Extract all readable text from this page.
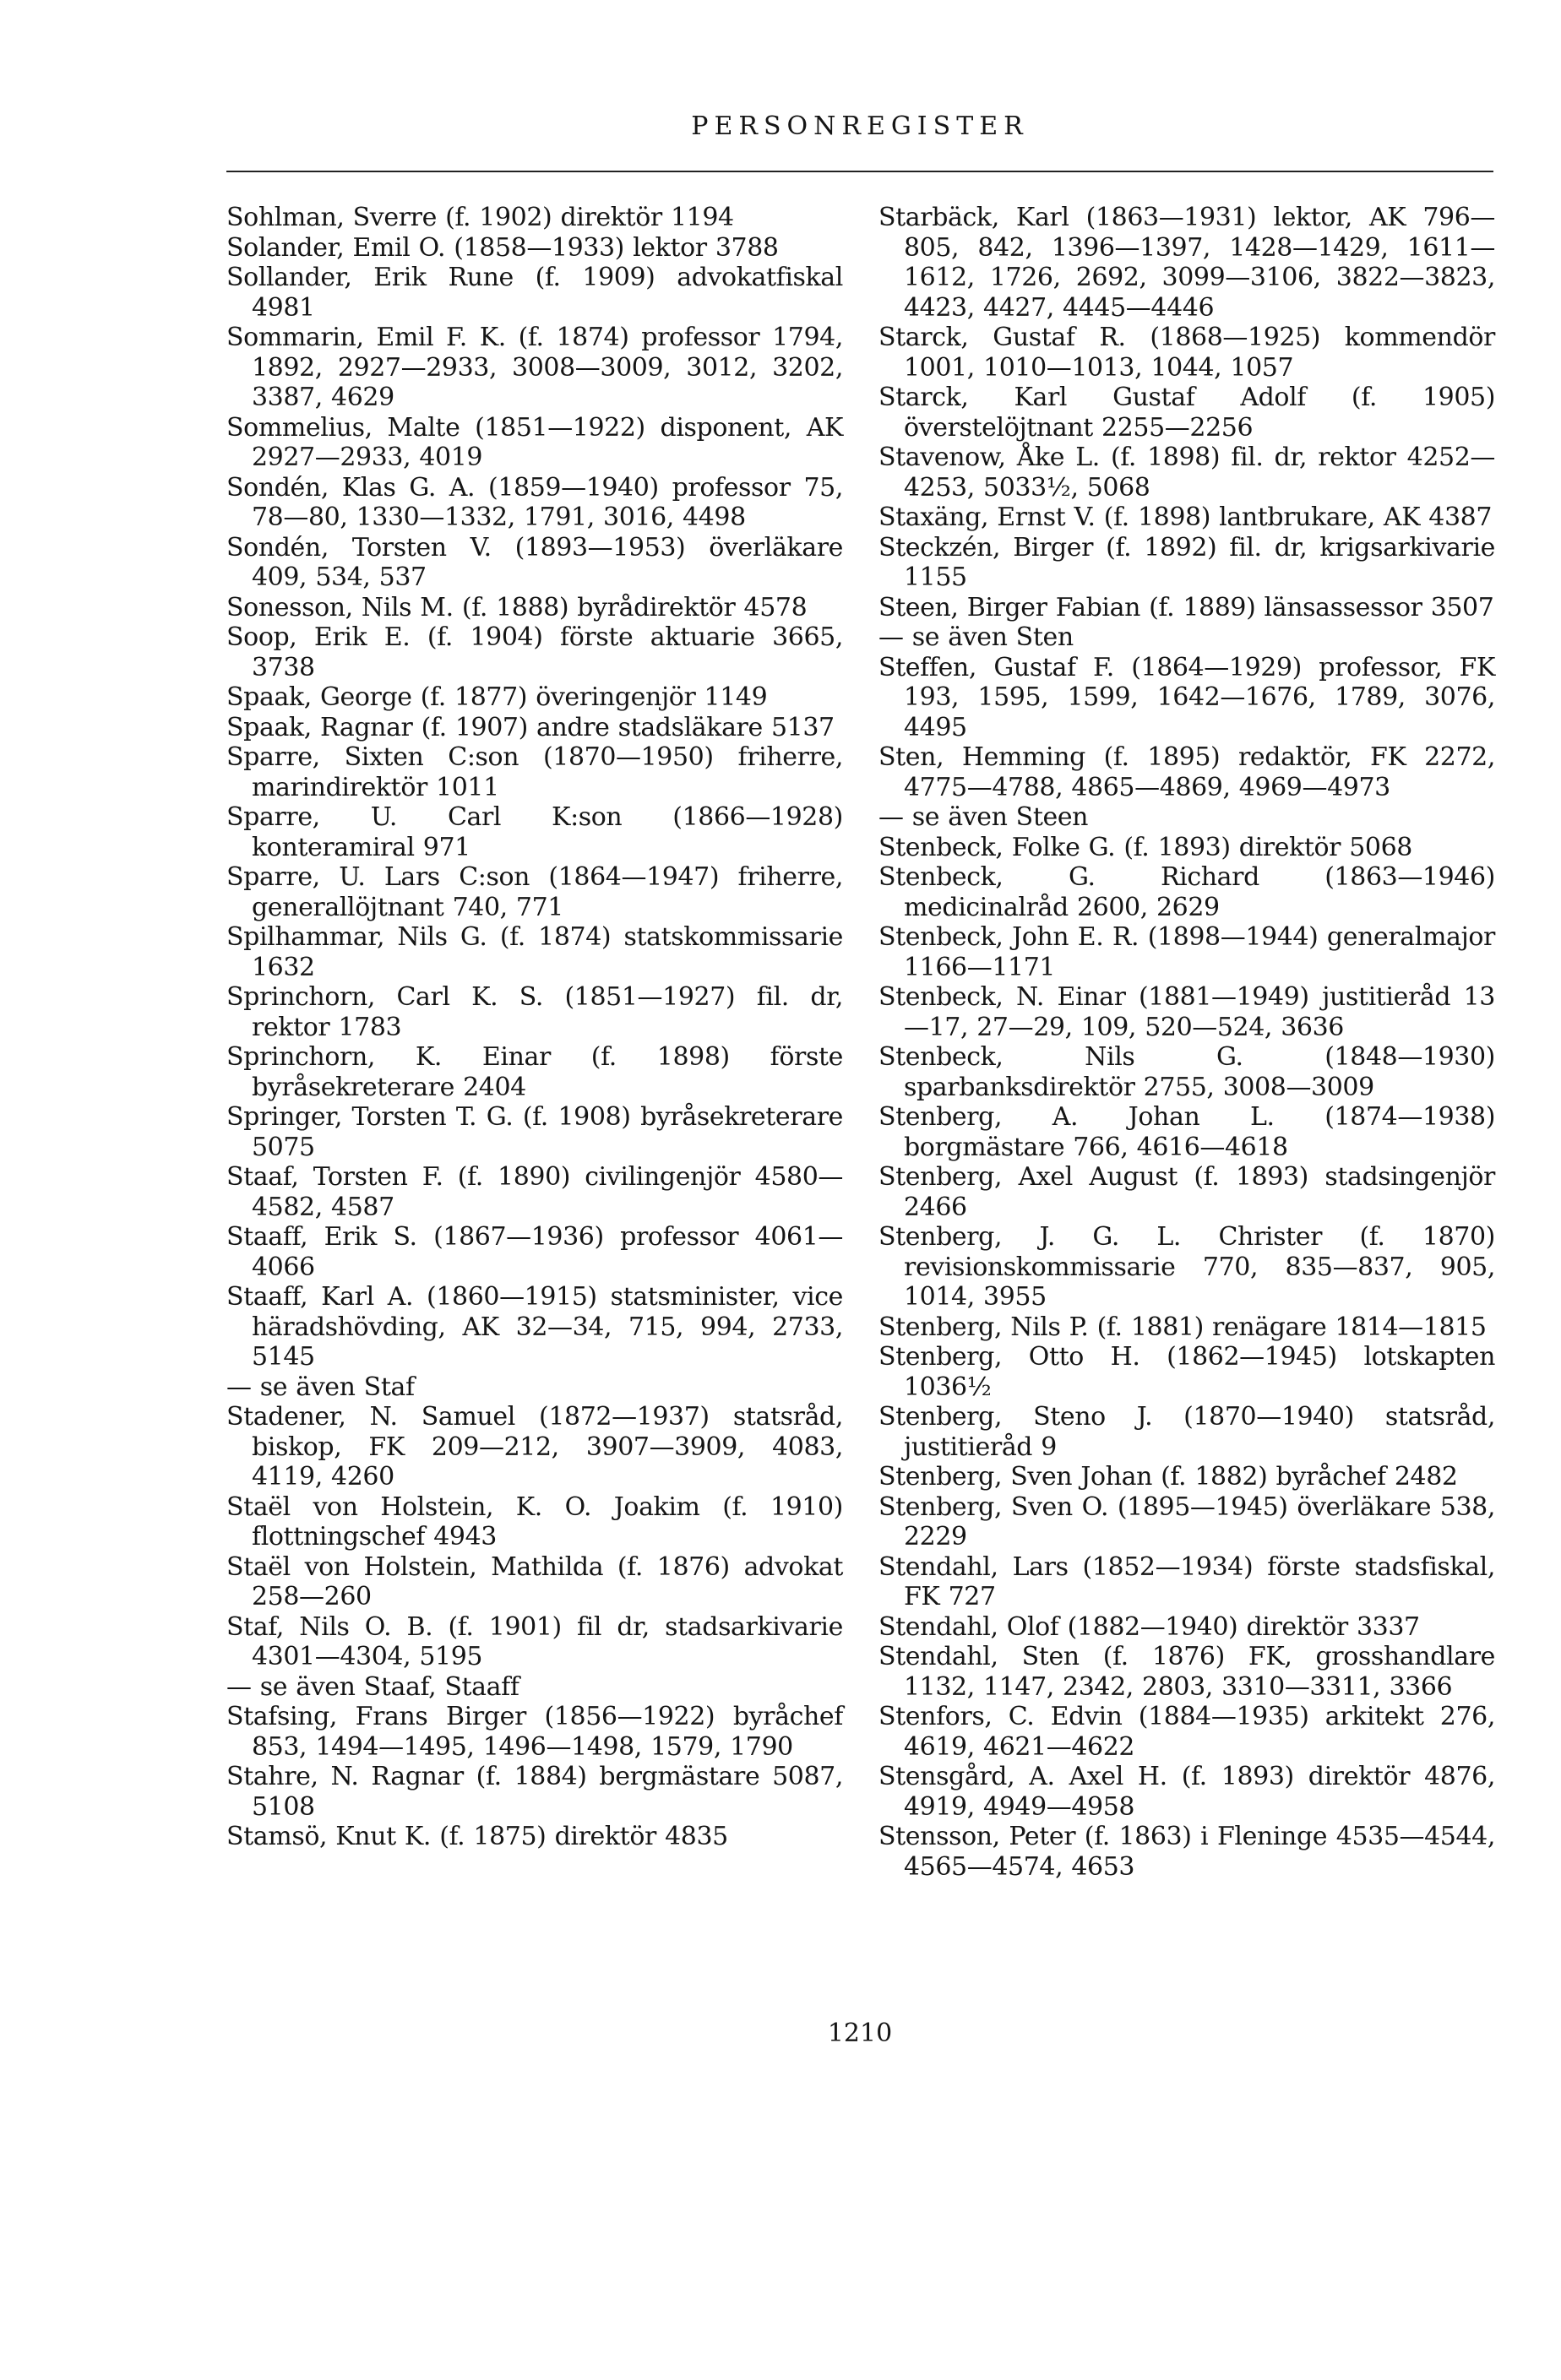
PERSONREGISTER
Sohlman, Sverre (f. 1902) direktör 1194
Solander, Emil O. (1858—1933) lektor 3788
Sollander, Erik Rune (f. 1909) advokatfiskal 4981
Sommarin, Emil F. K. (f. 1874) professor 1794, 1892, 2927—2933, 3008—3009, 3012, 3202, 3387, 4629
Sommelius, Malte (1851—1922) disponent, AK 2927—2933, 4019
Sondén, Klas G. A. (1859—1940) professor 75, 78—80, 1330—1332, 1791, 3016, 4498
Sondén, Torsten V. (1893—1953) överläkare 409, 534, 537
Sonesson, Nils M. (f. 1888) byrådirektör 4578
Soop, Erik E. (f. 1904) förste aktuarie 3665, 3738
Spaak, George (f. 1877) överingenjör 1149
Spaak, Ragnar (f. 1907) andre stadsläkare 5137
Sparre, Sixten C:son (1870—1950) friherre, marindirektör 1011
Sparre, U. Carl K:son (1866—1928) konteramiral 971
Sparre, U. Lars C:son (1864—1947) friherre, generallöjtnant 740, 771
Spilhammar, Nils G. (f. 1874) statskommissarie 1632
Sprinchorn, Carl K. S. (1851—1927) fil. dr, rektor 1783
Sprinchorn, K. Einar (f. 1898) förste byråsekreterare 2404
Springer, Torsten T. G. (f. 1908) byråsekreterare 5075
Staaf, Torsten F. (f. 1890) civilingenjör 4580—4582, 4587
Staaff, Erik S. (1867—1936) professor 4061—4066
Staaff, Karl A. (1860—1915) statsminister, vice häradshövding, AK 32—34, 715, 994, 2733, 5145
— se även Staf
Stadener, N. Samuel (1872—1937) statsråd, biskop, FK 209—212, 3907—3909, 4083, 4119, 4260
Staël von Holstein, K. O. Joakim (f. 1910) flottningschef 4943
Staël von Holstein, Mathilda (f. 1876) advokat 258—260
Staf, Nils O. B. (f. 1901) fil dr, stadsarkivarie 4301—4304, 5195
— se även Staaf, Staaff
Stafsing, Frans Birger (1856—1922) byråchef 853, 1494—1495, 1496—1498, 1579, 1790
Stahre, N. Ragnar (f. 1884) bergmästare 5087, 5108
Stamsö, Knut K. (f. 1875) direktör 4835
Starbäck, Karl (1863—1931) lektor, AK 796—805, 842, 1396—1397, 1428—1429, 1611—1612, 1726, 2692, 3099—3106, 3822—3823, 4423, 4427, 4445—4446
Starck, Gustaf R. (1868—1925) kommendör 1001, 1010—1013, 1044, 1057
Starck, Karl Gustaf Adolf (f. 1905) överstelöjtnant 2255—2256
Stavenow, Åke L. (f. 1898) fil. dr, rektor 4252—4253, 5033½, 5068
Staxäng, Ernst V. (f. 1898) lantbrukare, AK 4387
Steckzén, Birger (f. 1892) fil. dr, krigsarkivarie 1155
Steen, Birger Fabian (f. 1889) länsassessor 3507
— se även Sten
Steffen, Gustaf F. (1864—1929) professor, FK 193, 1595, 1599, 1642—1676, 1789, 3076, 4495
Sten, Hemming (f. 1895) redaktör, FK 2272, 4775—4788, 4865—4869, 4969—4973
— se även Steen
Stenbeck, Folke G. (f. 1893) direktör 5068
Stenbeck, G. Richard (1863—1946) medicinalråd 2600, 2629
Stenbeck, John E. R. (1898—1944) generalmajor 1166—1171
Stenbeck, N. Einar (1881—1949) justitieråd 13—17, 27—29, 109, 520—524, 3636
Stenbeck, Nils G. (1848—1930) sparbanksdirektör 2755, 3008—3009
Stenberg, A. Johan L. (1874—1938) borgmästare 766, 4616—4618
Stenberg, Axel August (f. 1893) stadsingenjör 2466
Stenberg, J. G. L. Christer (f. 1870) revisionskommissarie 770, 835—837, 905, 1014, 3955
Stenberg, Nils P. (f. 1881) renägare 1814—1815
Stenberg, Otto H. (1862—1945) lotskapten 1036½
Stenberg, Steno J. (1870—1940) statsråd, justitieråd 9
Stenberg, Sven Johan (f. 1882) byråchef 2482
Stenberg, Sven O. (1895—1945) överläkare 538, 2229
Stendahl, Lars (1852—1934) förste stadsfiskal, FK 727
Stendahl, Olof (1882—1940) direktör 3337
Stendahl, Sten (f. 1876) FK, grosshandlare 1132, 1147, 2342, 2803, 3310—3311, 3366
Stenfors, C. Edvin (1884—1935) arkitekt 276, 4619, 4621—4622
Stensgård, A. Axel H. (f. 1893) direktör 4876, 4919, 4949—4958
Stensson, Peter (f. 1863) i Fleninge 4535—4544, 4565—4574, 4653
1210
